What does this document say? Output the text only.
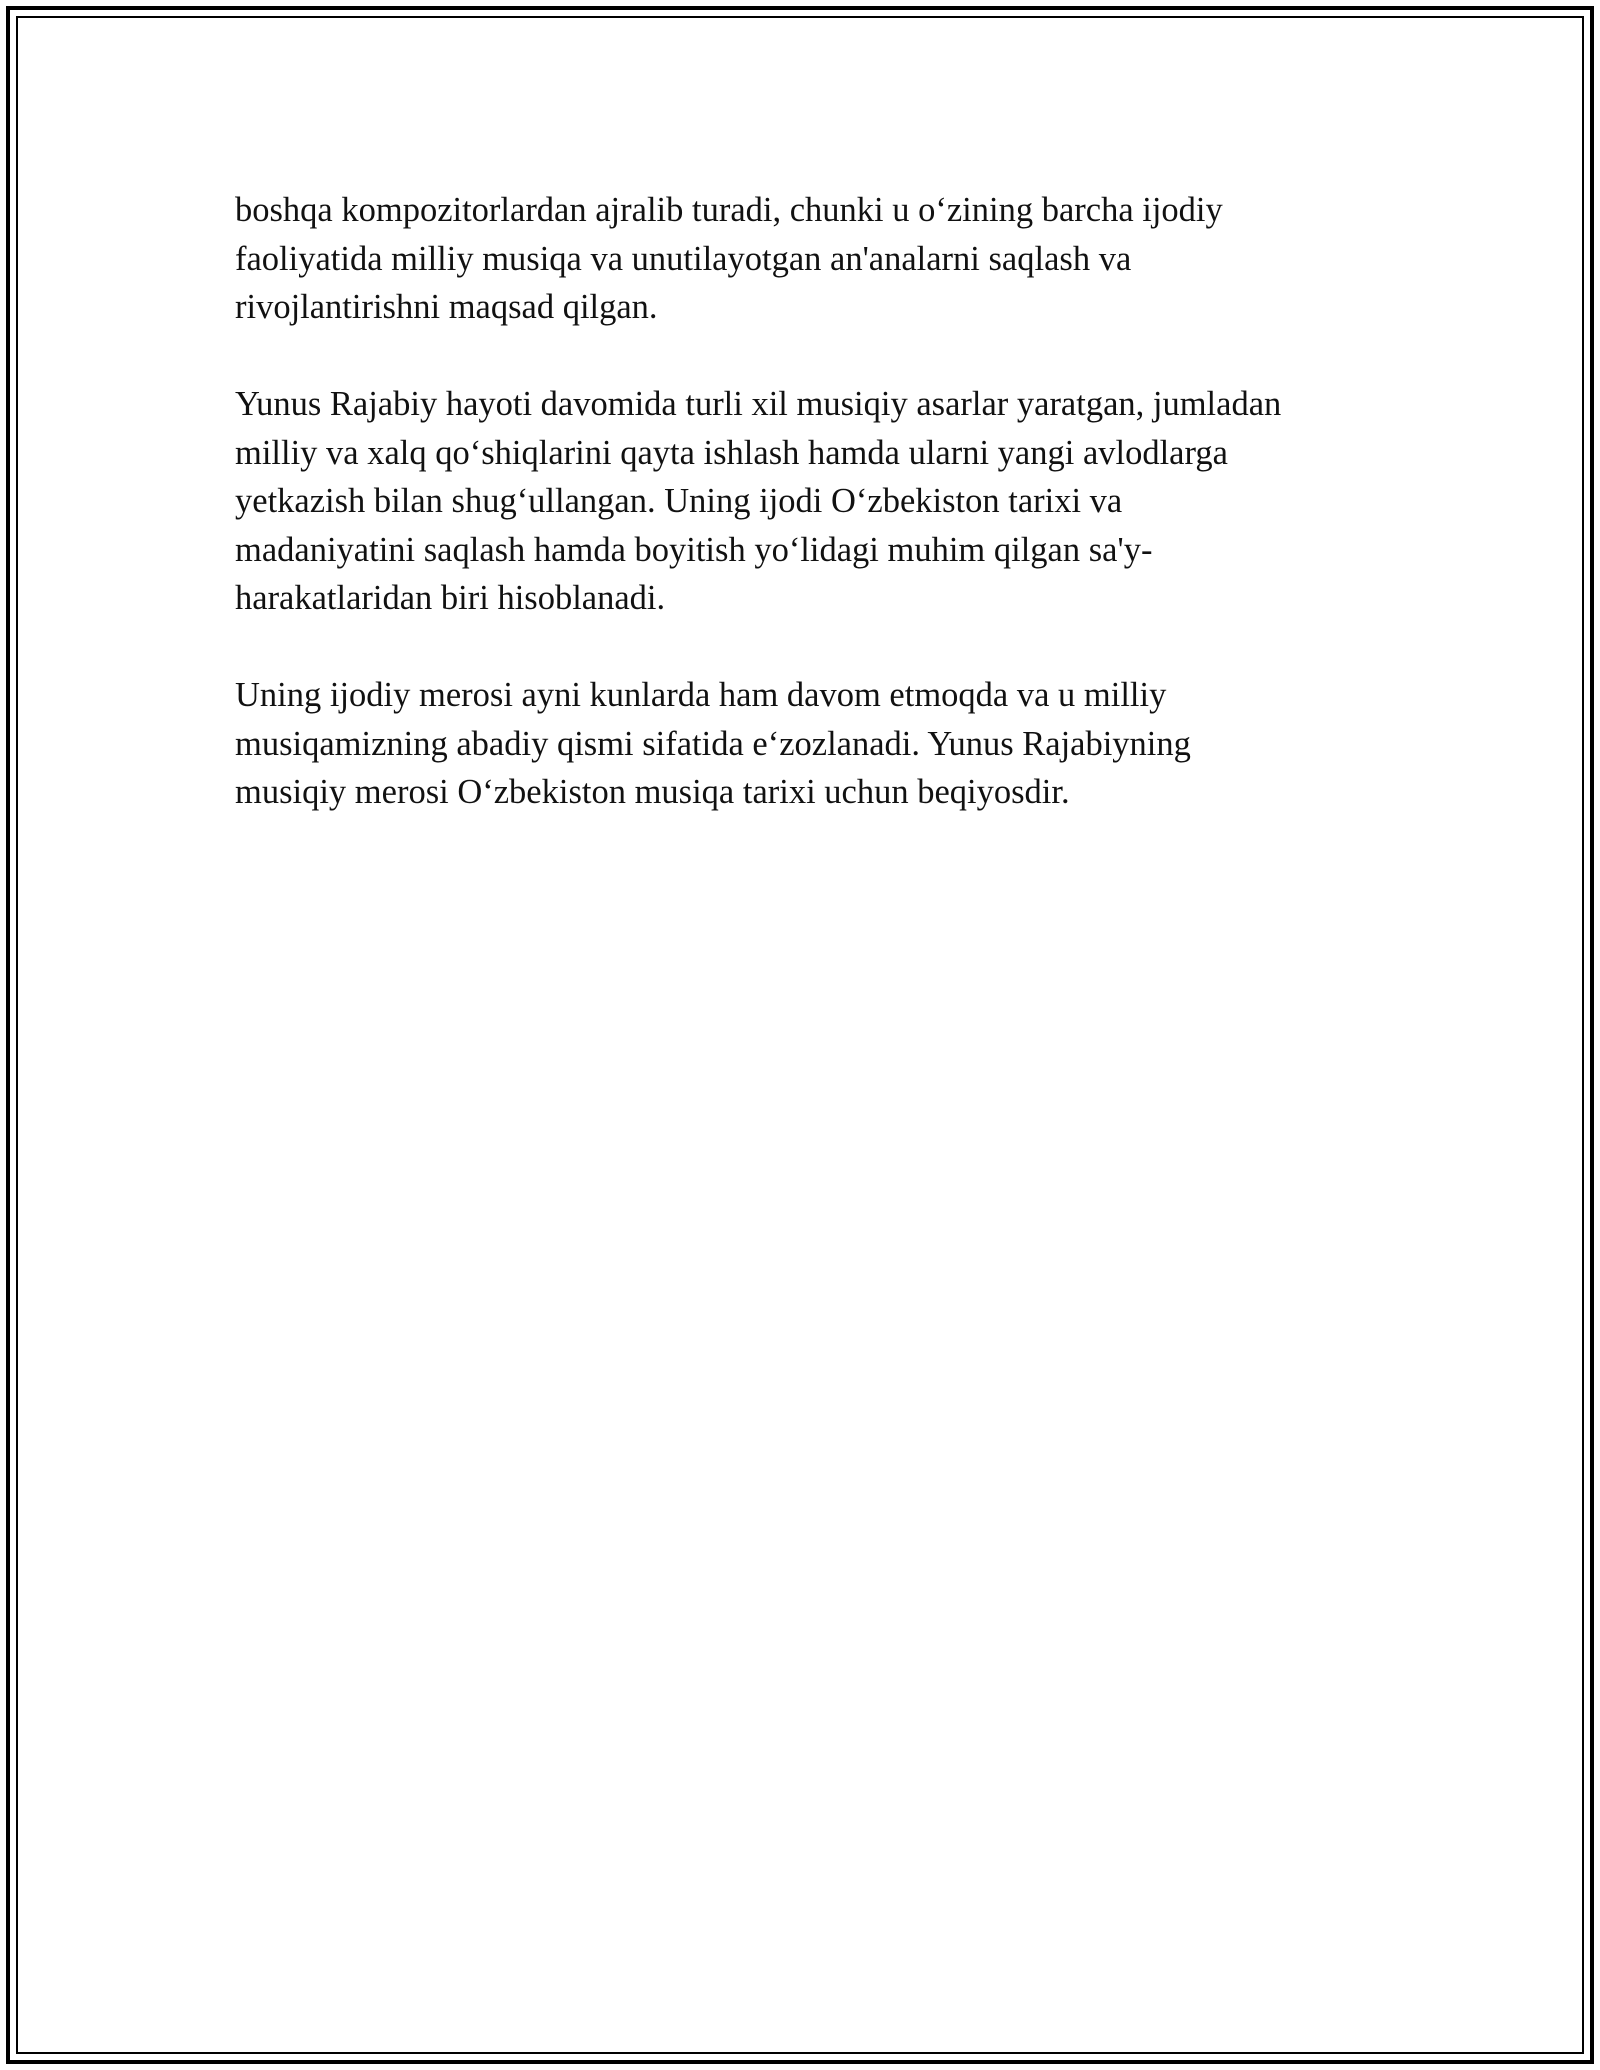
boshqa kompozitorlardan ajralib turadi, chunki u o‘zining barcha ijodiy
faoliyatida milliy musiqa va unutilayotgan an'analarni saqlash va
rivojlantirishni maqsad qilgan.

Yunus Rajabiy hayoti davomida turli xil musiqiy asarlar yaratgan, jumladan
milliy va xalq qo‘shiqlarini qayta ishlash hamda ularni yangi avlodlarga
yetkazish bilan shug‘ullangan. Uning ijodi O‘zbekiston tarixi va
madaniyatini saqlash hamda boyitish yo‘lidagi muhim qilgan sa'y-
harakatlaridan biri hisoblanadi.

Uning ijodiy merosi ayni kunlarda ham davom etmoqda va u milliy
musiqamizning abadiy qismi sifatida e‘zozlanadi. Yunus Rajabiyning
musiqiy merosi O‘zbekiston musiqa tarixi uchun beqiyosdir.
